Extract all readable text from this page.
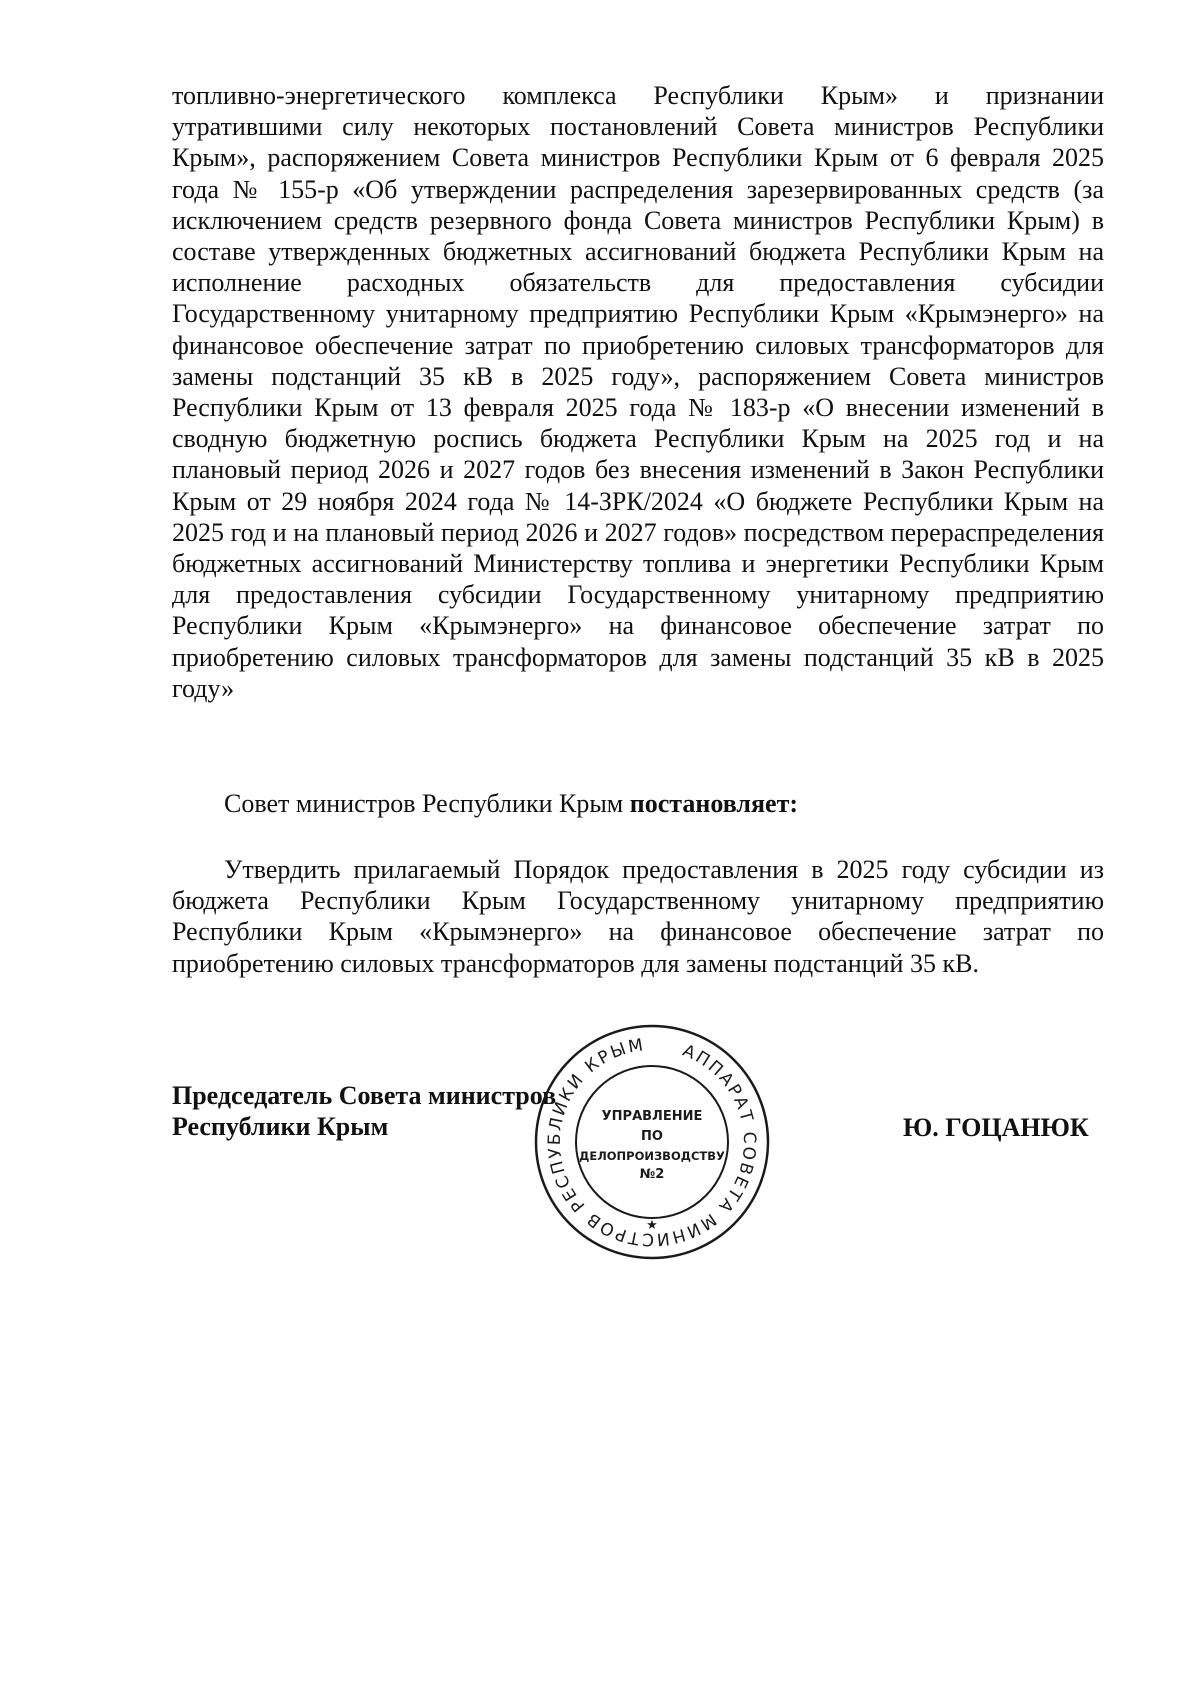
топливно-энергетического комплекса Республики Крым» и признании утратившими силу некоторых постановлений Совета министров Республики Крым», распоряжением Совета министров Республики Крым от 6 февраля 2025 года № 155-р «Об утверждении распределения зарезервированных средств (за исключением средств резервного фонда Совета министров Республики Крым) в составе утвержденных бюджетных ассигнований бюджета Республики Крым на исполнение расходных обязательств для предоставления субсидии Государственному унитарному предприятию Республики Крым «Крымэнерго» на финансовое обеспечение затрат по приобретению силовых трансформаторов для замены подстанций 35 кВ в 2025 году», распоряжением Совета министров Республики Крым от 13 февраля 2025 года № 183-р «О внесении изменений в сводную бюджетную роспись бюджета Республики Крым на 2025 год и на плановый период 2026 и 2027 годов без внесения изменений в Закон Республики Крым от 29 ноября 2024 года № 14-ЗРК/2024 «О бюджете Республики Крым на 2025 год и на плановый период 2026 и 2027 годов» посредством перераспределения бюджетных ассигнований Министерству топлива и энергетики Республики Крым для предоставления субсидии Государственному унитарному предприятию Республики Крым «Крымэнерго» на финансовое обеспечение затрат по приобретению силовых трансформаторов для замены подстанций 35 кВ в 2025 году»

Совет министров Республики Крым постановляет:

Утвердить прилагаемый Порядок предоставления в 2025 году субсидии из бюджета Республики Крым Государственному унитарному предприятию Республики Крым «Крымэнерго» на финансовое обеспечение затрат по приобретению силовых трансформаторов для замены подстанций 35 кВ.

Председатель Совета министров
Республики Крым	Ю. ГОЦАНЮК
АППАРАТ СОВЕТА МИНИСТРОВ РЕСПУБЛИКИ КРЫМ
УПРАВЛЕНИЕ
ПО
ДЕЛОПРОИЗВОДСТВУ
№2
★
